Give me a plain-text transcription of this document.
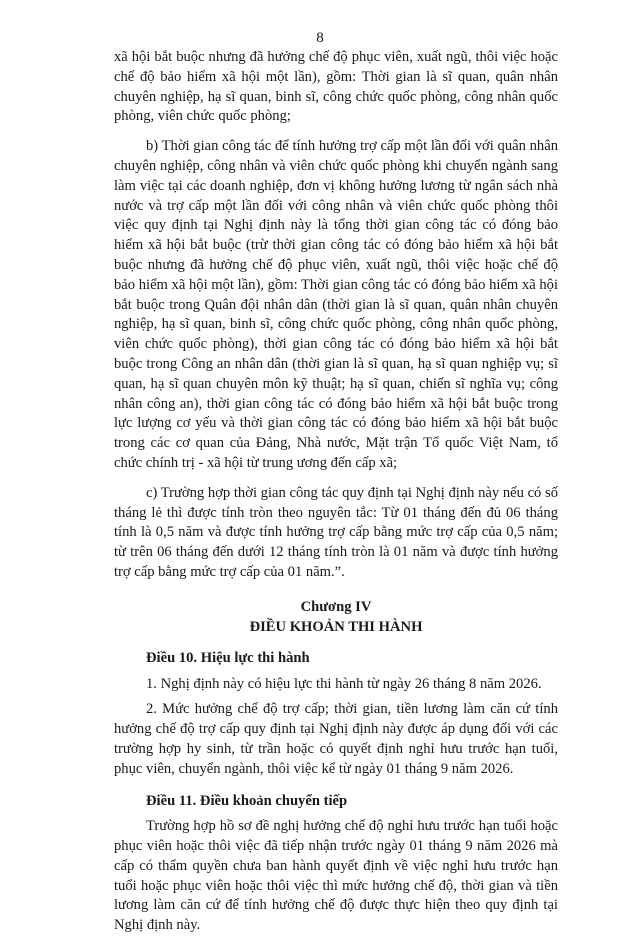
8

xã hội bắt buộc nhưng đã hưởng chế độ phục viên, xuất ngũ, thôi việc hoặc chế độ bảo hiểm xã hội một lần), gồm: Thời gian là sĩ quan, quân nhân chuyên nghiệp, hạ sĩ quan, binh sĩ, công chức quốc phòng, công nhân quốc phòng, viên chức quốc phòng;

b) Thời gian công tác để tính hưởng trợ cấp một lần đối với quân nhân chuyên nghiệp, công nhân và viên chức quốc phòng khi chuyển ngành sang làm việc tại các doanh nghiệp, đơn vị không hưởng lương từ ngân sách nhà nước và trợ cấp một lần đối với công nhân và viên chức quốc phòng thôi việc quy định tại Nghị định này là tổng thời gian công tác có đóng bảo hiểm xã hội bắt buộc (trừ thời gian công tác có đóng bảo hiểm xã hội bắt buộc nhưng đã hưởng chế độ phục viên, xuất ngũ, thôi việc hoặc chế độ bảo hiểm xã hội một lần), gồm: Thời gian công tác có đóng bảo hiểm xã hội bắt buộc trong Quân đội nhân dân (thời gian là sĩ quan, quân nhân chuyên nghiệp, hạ sĩ quan, binh sĩ, công chức quốc phòng, công nhân quốc phòng, viên chức quốc phòng), thời gian công tác có đóng bảo hiểm xã hội bắt buộc trong Công an nhân dân (thời gian là sĩ quan, hạ sĩ quan nghiệp vụ; sĩ quan, hạ sĩ quan chuyên môn kỹ thuật; hạ sĩ quan, chiến sĩ nghĩa vụ; công nhân công an), thời gian công tác có đóng bảo hiểm xã hội bắt buộc trong lực lượng cơ yếu và thời gian công tác có đóng bảo hiểm xã hội bắt buộc trong các cơ quan của Đảng, Nhà nước, Mặt trận Tổ quốc Việt Nam, tổ chức chính trị - xã hội từ trung ương đến cấp xã;

c) Trường hợp thời gian công tác quy định tại Nghị định này nếu có số tháng lẻ thì được tính tròn theo nguyên tắc: Từ 01 tháng đến đủ 06 tháng tính là 0,5 năm và được tính hưởng trợ cấp bằng mức trợ cấp của 0,5 năm; từ trên 06 tháng đến dưới 12 tháng tính tròn là 01 năm và được tính hưởng trợ cấp bằng mức trợ cấp của 01 năm.”.

Chương IV
ĐIỀU KHOẢN THI HÀNH

Điều 10. Hiệu lực thi hành

1. Nghị định này có hiệu lực thi hành từ ngày 26 tháng 8 năm 2026.

2. Mức hưởng chế độ trợ cấp; thời gian, tiền lương làm căn cứ tính hưởng chế độ trợ cấp quy định tại Nghị định này được áp dụng đối với các trường hợp hy sinh, từ trần hoặc có quyết định nghỉ hưu trước hạn tuổi, phục viên, chuyển ngành, thôi việc kể từ ngày 01 tháng 9 năm 2026.

Điều 11. Điều khoản chuyển tiếp

Trường hợp hồ sơ đề nghị hưởng chế độ nghỉ hưu trước hạn tuổi hoặc phục viên hoặc thôi việc đã tiếp nhận trước ngày 01 tháng 9 năm 2026 mà cấp có thẩm quyền chưa ban hành quyết định về việc nghỉ hưu trước hạn tuổi hoặc phục viên hoặc thôi việc thì mức hưởng chế độ, thời gian và tiền lương làm căn cứ để tính hưởng chế độ được thực hiện theo quy định tại Nghị định này.
